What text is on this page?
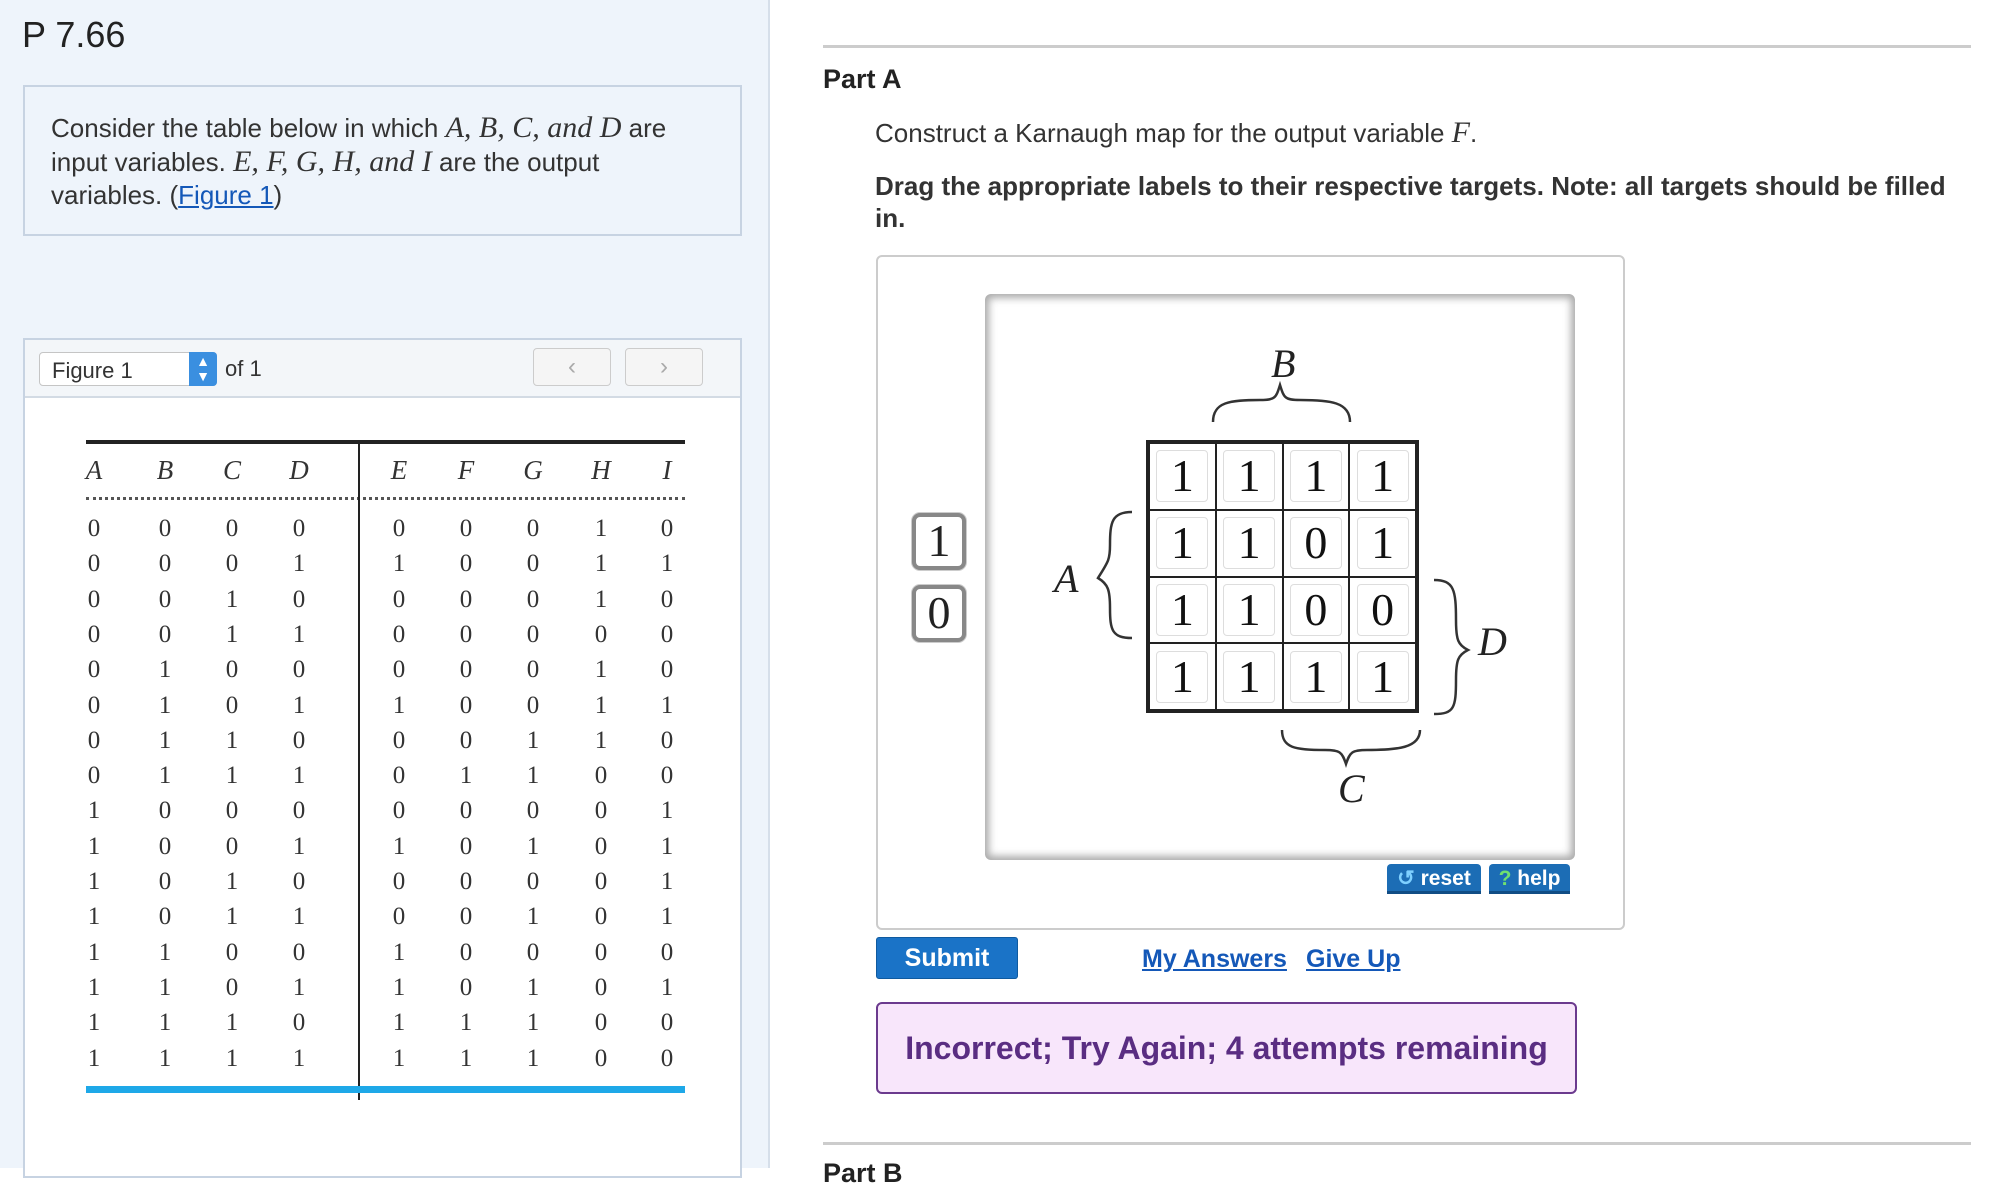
P 7.66
Consider the table below in which A, B, C, and D are input variables. E, F, G, H, and I are the output variables. (Figure 1)
Figure 1	▲
▼ of 1	‹	›
A B C D	E F G H	I
0	0	0	0	0	0	0	1	0
0	0	0	1	1	0	0	1	1
0	0	1	0	0	0	0	1	0
0	0	1	1	0	0	0	0	0
0	1	0	0	0	0	0	1	0
0	1	0	1	1	0	0	1	1
0	1	1	0	0	0	1	1	0
0	1	1	1	0	1	1	0	0
1	0	0	0	0	0	0	0	1
1	0	0	1	1	0	1	0	1
1	0	1	0	0	0	0	0	1
1	0	1	1	0	0	1	0	1
1	1	0	0	1	0	0	0	0
1	1	0	1	1	0	1	0	1
1	1	1	0	1	1	1	0	0
1	1	1	1	1	1	1	0	0
Part A
Construct a Karnaugh map for the output variable F.
Drag the appropriate labels to their respective targets. Note: all targets should be filled in.
1
0
1 1 1 1
1 1 0 1
1 1 0 0
1 1 1 1
B
A
D
C
↺ reset	? help
Submit	My Answers Give Up
Incorrect; Try Again; 4 attempts remaining
Part B
